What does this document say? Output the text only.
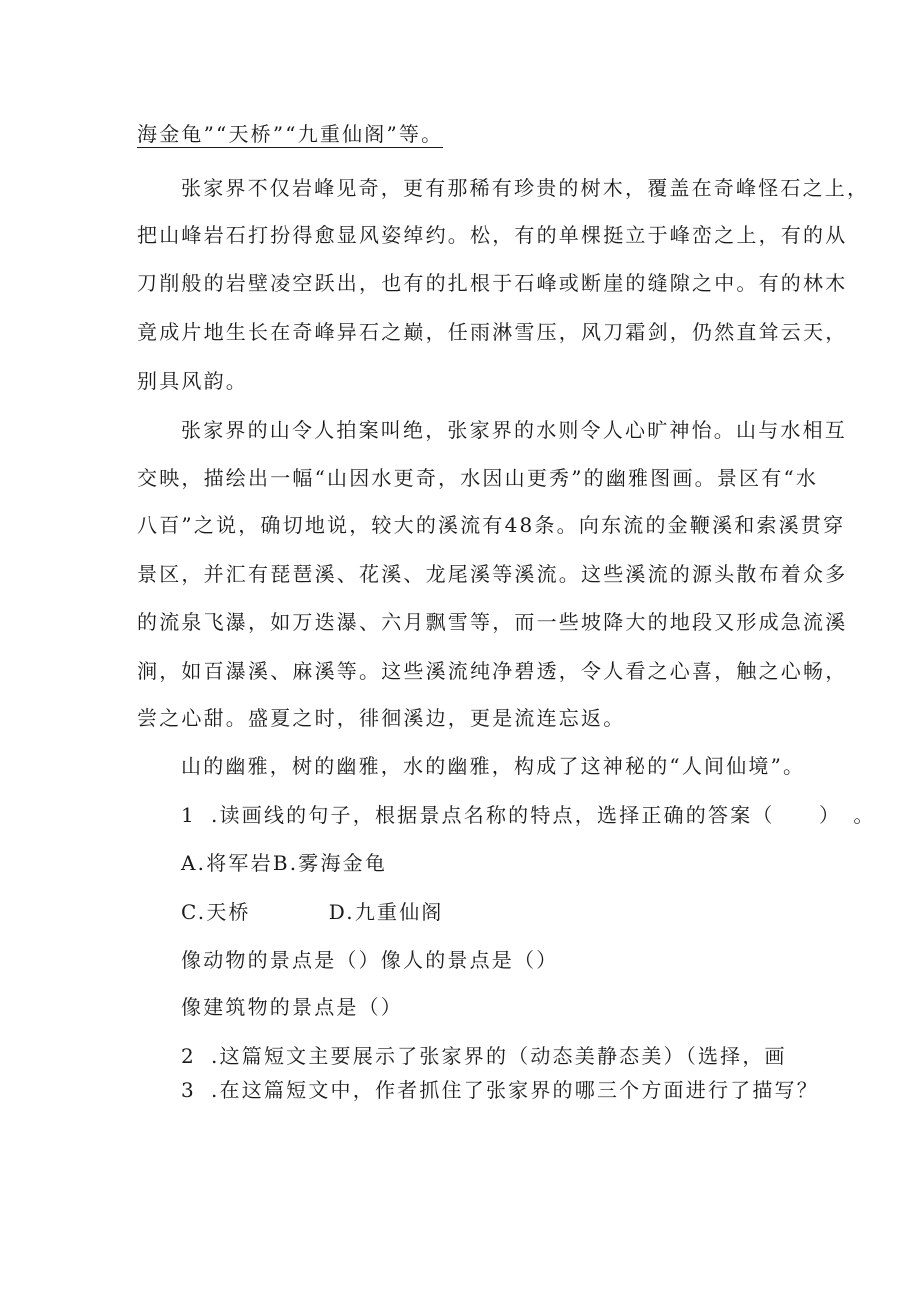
海金龟”“天桥”“九重仙阁”等。
张家界不仅岩峰见奇，更有那稀有珍贵的树木，覆盖在奇峰怪石之上，
把山峰岩石打扮得愈显风姿绰约。松，有的单棵挺立于峰峦之上，有的从
刀削般的岩壁凌空跃出，也有的扎根于石峰或断崖的缝隙之中。有的林木
竟成片地生长在奇峰异石之巅，任雨淋雪压，风刀霜剑，仍然直耸云天，
别具风韵。
张家界的山令人拍案叫绝，张家界的水则令人心旷神怡。山与水相互
交映，描绘出一幅“山因水更奇，水因山更秀”的幽雅图画。景区有“水
八百”之说，确切地说，较大的溪流有48条。向东流的金鞭溪和索溪贯穿
景区，并汇有琵琶溪、花溪、龙尾溪等溪流。这些溪流的源头散布着众多
的流泉飞瀑，如万迭瀑、六月飘雪等，而一些坡降大的地段又形成急流溪
涧，如百瀑溪、麻溪等。这些溪流纯净碧透，令人看之心喜，触之心畅，
尝之心甜。盛夏之时，徘徊溪边，更是流连忘返。
山的幽雅，树的幽雅，水的幽雅，构成了这神秘的“人间仙境”。
1 .读画线的句子，根据景点名称的特点，选择正确的答案（　　）　。
A.将军岩B.雾海金龟
C.天桥	D.九重仙阁
像动物的景点是（）像人的景点是（）
像建筑物的景点是（）
2 .这篇短文主要展示了张家界的（动态美静态美）（选择，画
3 .在这篇短文中，作者抓住了张家界的哪三个方面进行了描写？
